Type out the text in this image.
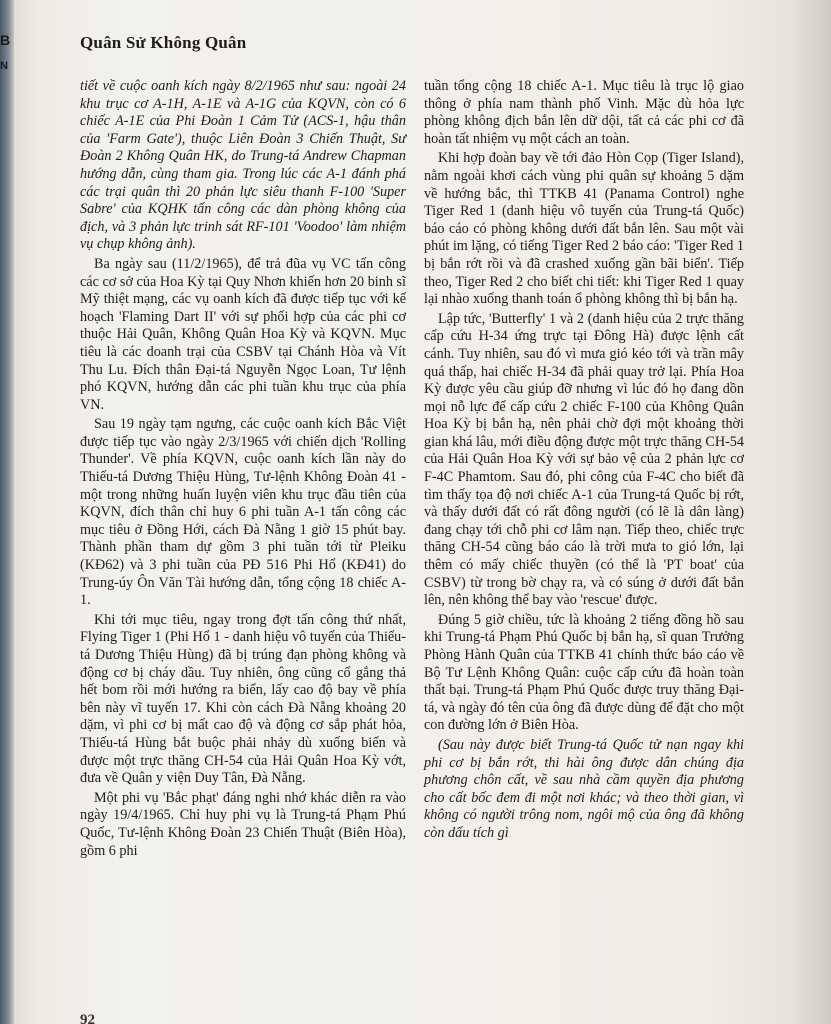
B
N
Quân Sử Không Quân

tiết về cuộc oanh kích ngày 8/2/1965 như sau: ngoài 24 khu trục cơ A-1H, A-1E và A-1G của KQVN, còn có 6 chiếc A-1E của Phi Đoàn 1 Cảm Tử (ACS-1, hậu thân của 'Farm Gate'), thuộc Liên Đoàn 3 Chiến Thuật, Sư Đoàn 2 Không Quân HK, do Trung-tá Andrew Chapman hướng dẫn, cùng tham gia. Trong lúc các A-1 đánh phá các trại quân thì 20 phản lực siêu thanh F-100 'Super Sabre' của KQHK tấn công các dàn phòng không của địch, và 3 phản lực trinh sát RF-101 'Voodoo' làm nhiệm vụ chụp không ảnh).

Ba ngày sau (11/2/1965), để trả đũa vụ VC tấn công các cơ sở của Hoa Kỳ tại Quy Nhơn khiến hơn 20 binh sĩ Mỹ thiệt mạng, các vụ oanh kích đã được tiếp tục với kế hoạch 'Flaming Dart II' với sự phối hợp của các phi cơ thuộc Hải Quân, Không Quân Hoa Kỳ và KQVN. Mục tiêu là các doanh trại của CSBV tại Chánh Hòa và Vít Thu Lu. Đích thân Đại-tá Nguyễn Ngọc Loan, Tư lệnh phó KQVN, hướng dẫn các phi tuần khu trục của phía VN.

Sau 19 ngày tạm ngưng, các cuộc oanh kích Bắc Việt được tiếp tục vào ngày 2/3/1965 với chiến dịch 'Rolling Thunder'. Về phía KQVN, cuộc oanh kích lần này do Thiếu-tá Dương Thiệu Hùng, Tư-lệnh Không Đoàn 41 - một trong những huấn luyện viên khu trục đầu tiên của KQVN, đích thân chỉ huy 6 phi tuần A-1 tấn công các mục tiêu ở Đồng Hới, cách Đà Nẵng 1 giờ 15 phút bay. Thành phần tham dự gồm 3 phi tuần tới từ Pleiku (KĐ62) và 3 phi tuần của PĐ 516 Phi Hổ (KĐ41) do Trung-úy Ôn Văn Tài hướng dẫn, tổng cộng 18 chiếc A-1.

Khi tới mục tiêu, ngay trong đợt tấn công thứ nhất, Flying Tiger 1 (Phi Hổ 1 - danh hiệu vô tuyến của Thiếu-tá Dương Thiệu Hùng) đã bị trúng đạn phòng không và động cơ bị cháy dầu. Tuy nhiên, ông cũng cố gắng thả hết bom rồi mới hướng ra biển, lấy cao độ bay về phía bên này vĩ tuyến 17. Khi còn cách Đà Nẵng khoảng 20 dặm, vì phi cơ bị mất cao độ và động cơ sắp phát hỏa, Thiếu-tá Hùng bắt buộc phải nhảy dù xuống biển và được một trực thăng CH-54 của Hải Quân Hoa Kỳ vớt, đưa về Quân y viện Duy Tân, Đà Nẵng.

Một phi vụ 'Bắc phạt' đáng nghi nhớ khác diễn ra vào ngày 19/4/1965. Chỉ huy phi vụ là Trung-tá Phạm Phú Quốc, Tư-lệnh Không Đoàn 23 Chiến Thuật (Biên Hòa), gồm 6 phi

tuần tổng cộng 18 chiếc A-1. Mục tiêu là trục lộ giao thông ở phía nam thành phố Vinh. Mặc dù hỏa lực phòng không địch bắn lên dữ dội, tất cả các phi cơ đã hoàn tất nhiệm vụ một cách an toàn.

Khi hợp đoàn bay về tới đảo Hòn Cọp (Tiger Island), nằm ngoài khơi cách vùng phi quân sự khoảng 5 dặm về hướng bắc, thì TTKB 41 (Panama Control) nghe Tiger Red 1 (danh hiệu vô tuyến của Trung-tá Quốc) báo cáo có phòng không dưới đất bắn lên. Sau một vài phút im lặng, có tiếng Tiger Red 2 báo cáo: 'Tiger Red 1 bị bắn rớt rồi và đã crashed xuống gần bãi biển'. Tiếp theo, Tiger Red 2 cho biết chi tiết: khi Tiger Red 1 quay lại nhào xuống thanh toán ổ phòng không thì bị bắn hạ.

Lập tức, 'Butterfly' 1 và 2 (danh hiệu của 2 trực thăng cấp cứu H-34 ứng trực tại Đông Hà) được lệnh cất cánh. Tuy nhiên, sau đó vì mưa gió kéo tới và trần mây quá thấp, hai chiếc H-34 đã phải quay trở lại. Phía Hoa Kỳ được yêu cầu giúp đỡ nhưng vì lúc đó họ đang dồn mọi nỗ lực để cấp cứu 2 chiếc F-100 của Không Quân Hoa Kỳ bị bắn hạ, nên phải chờ đợi một khoảng thời gian khá lâu, mới điều động được một trực thăng CH-54 của Hải Quân Hoa Kỳ với sự bảo vệ của 2 phản lực cơ F-4C Phamtom. Sau đó, phi công của F-4C cho biết đã tìm thấy tọa độ nơi chiếc A-1 của Trung-tá Quốc bị rớt, và thấy dưới đất có rất đông người (có lẽ là dân làng) đang chạy tới chỗ phi cơ lâm nạn. Tiếp theo, chiếc trực thăng CH-54 cũng báo cáo là trời mưa to gió lớn, lại thêm có mấy chiếc thuyền (có thể là 'PT boat' của CSBV) từ trong bờ chạy ra, và có súng ở dưới đất bắn lên, nên không thể bay vào 'rescue' được.

Đúng 5 giờ chiều, tức là khoảng 2 tiếng đồng hồ sau khi Trung-tá Phạm Phú Quốc bị bắn hạ, sĩ quan Trưởng Phòng Hành Quân của TTKB 41 chính thức báo cáo về Bộ Tư Lệnh Không Quân: cuộc cấp cứu đã hoàn toàn thất bại. Trung-tá Phạm Phú Quốc được truy thăng Đại-tá, và ngày đó tên của ông đã được dùng để đặt cho một con đường lớn ở Biên Hòa.

(Sau này được biết Trung-tá Quốc tử nạn ngay khi phi cơ bị bắn rớt, thi hài ông được dân chúng địa phương chôn cất, về sau nhà cầm quyền địa phương cho cất bốc đem đi một nơi khác; và theo thời gian, vì không có người trông nom, ngôi mộ của ông đã không còn dấu tích gì

92
